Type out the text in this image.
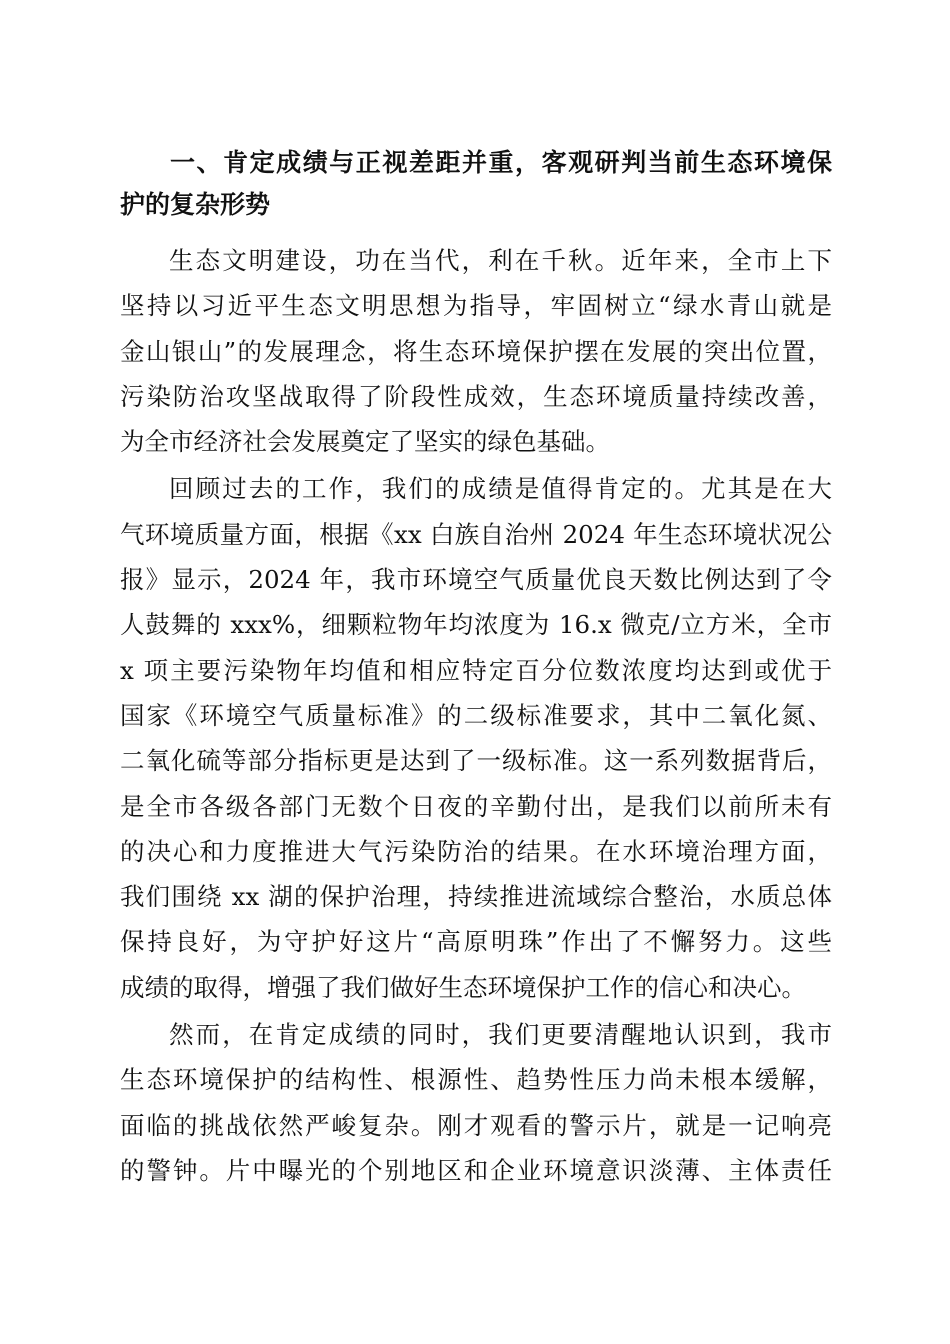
一、肯定成绩与正视差距并重，客观研判当前生态环境保
护的复杂形势

生态文明建设，功在当代，利在千秋。近年来，全市上下
坚持以习近平生态文明思想为指导，牢固树立“绿水青山就是
金山银山”的发展理念，将生态环境保护摆在发展的突出位置，
污染防治攻坚战取得了阶段性成效，生态环境质量持续改善，
为全市经济社会发展奠定了坚实的绿色基础。

回顾过去的工作，我们的成绩是值得肯定的。尤其是在大
气环境质量方面，根据《xx 白族自治州 2024 年生态环境状况公
报》显示，2024 年，我市环境空气质量优良天数比例达到了令
人鼓舞的 xxx%，细颗粒物年均浓度为 16.x 微克/立方米，全市
x 项主要污染物年均值和相应特定百分位数浓度均达到或优于
国家《环境空气质量标准》的二级标准要求，其中二氧化氮、
二氧化硫等部分指标更是达到了一级标准。这一系列数据背后，
是全市各级各部门无数个日夜的辛勤付出，是我们以前所未有
的决心和力度推进大气污染防治的结果。在水环境治理方面，
我们围绕 xx 湖的保护治理，持续推进流域综合整治，水质总体
保持良好，为守护好这片“高原明珠”作出了不懈努力。这些
成绩的取得，增强了我们做好生态环境保护工作的信心和决心。

然而，在肯定成绩的同时，我们更要清醒地认识到，我市
生态环境保护的结构性、根源性、趋势性压力尚未根本缓解，
面临的挑战依然严峻复杂。刚才观看的警示片，就是一记响亮
的警钟。片中曝光的个别地区和企业环境意识淡薄、主体责任
